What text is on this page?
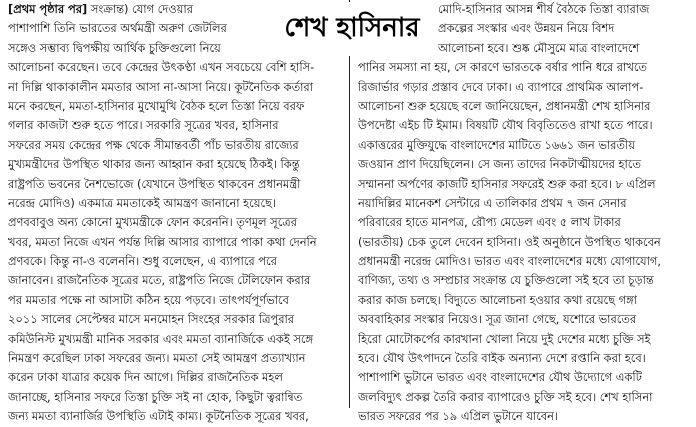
শেখ হাসিনার
[প্রথম পৃষ্ঠার পর] সংক্রান্ত) যোগ দেওয়ার
পাশাপাশি তিনি ভারতের অর্থমন্ত্রী অরুণ জেটলির
সঙ্গেও সম্ভাব্য দ্বিপক্ষীয় আর্থিক চুক্তিগুলো নিয়ে
আলোচনা করেছেন। তবে কেন্দ্রের উৎকণ্ঠা এখন সবচেয়ে বেশি হাসি-
না দিল্লি থাকাকালীন মমতার আসা না-আসা নিয়ে। কূটনৈতিক কর্তারা
মনে করছেন, মমতা-হাসিনার মুখোমুখি বৈঠক হলে তিস্তা নিয়ে বরফ
গলার কাজটা শুরু হতে পারে। সরকারি সূত্রের খবর, হাসিনার
সফরের সময় কেন্দ্রের পক্ষ থেকে সীমান্তবর্তী পাঁচ ভারতীয় রাজ্যের
মুখ্যমন্ত্রীদের উপস্থিত থাকার জন্য আহ্বান করা হয়েছে ঠিকই। কিন্তু
রাষ্ট্রপতি ভবনের নৈশভোজে (যেখানে উপস্থিত থাকবেন প্রধানমন্ত্রী
নরেন্দ্র মোদিও) একমাত্র মমতাকেই আমন্ত্রণ জানানো হয়েছে।
প্রণববাবুও অন্য কোনো মুখ্যমন্ত্রীকে ফোন করেননি। তৃণমূল সূত্রের
খবর, মমতা নিজে এখন পর্যন্ত দিল্লি আসার ব্যাপারে পাকা কথা দেননি
প্রণবকে। কিন্তু না-ও বলেননি। শুধু বলেছেন, এ ব্যাপারে পরে
জানাবেন। রাজনৈতিক সূত্রের মতে, রাষ্ট্রপতি নিজে টেলিফোন করার
পর মমতার পক্ষে না আসাটা কঠিন হয়ে পড়বে। তাৎপর্যপূর্ণভাবে
২০১১ সালের সেপ্টেম্বর মাসে মনমোহন সিংহের সরকার ত্রিপুরার
কমিউনিস্ট মুখ্যমন্ত্রী মানিক সরকার এবং মমতা ব্যানার্জিকে একই সঙ্গে
নিমন্ত্রণ করেছিল ঢাকা সফরের জন্য। মমতা সেই আমন্ত্রণ প্রত্যাখ্যান
করেন ঢাকা যাত্রার কয়েক দিন আগে। দিল্লির রাজনৈতিক মহল
জানাচ্ছে, হাসিনার সফরে তিস্তা চুক্তি সই না হোক, কিছুটা ত্বরান্বিত
জন্য মমতা ব্যানার্জির উপস্থিতি এটাই কাম্য। কূটনৈতিক সূত্রের খবর,
মোদি-হাসিনার আসন্ন শীর্ষ বৈঠকে তিস্তা ব্যারাজ
প্রকল্পের সংস্কার এবং উন্নয়ন নিয়ে বিশদ
আলোচনা হবে। শুষ্ক মৌসুমে মাত্র বাংলাদেশে
পানির সমস্যা না হয়, সে কারণে ভারতকে বর্ষার পানি ধরে রাখতে
রিজার্ভার গড়ার প্রস্তাব দেবে ঢাকা। এ ব্যাপারে প্রাথমিক আলাপ-
আলোচনা শুরু হয়েছে বলে জানিয়েছেন, প্রধানমন্ত্রী শেখ হাসিনার
উপদেষ্টা এইচ টি ইমাম। বিষয়টি যৌথ বিবৃতিতেও রাখা হতে পারে।
একাত্তরের মুক্তিযুদ্ধে বাংলাদেশের মাটিতে ১৬৬১ জন ভারতীয়
জওয়ান প্রাণ দিয়েছিলেন। সে জন্য তাদের নিকটাত্মীয়দের হাতে
সম্মাননা অর্পণের কাজটি হাসিনার সফরেই শুরু করা হবে। ৮ এপ্রিল
নয়াদিল্লির মানেকশ সেন্টারে এ তালিকার প্রথম ৭ জন সেনার
পরিবারের হাতে মানপত্র, রৌপ্য মেডেল এবং ৫ লাখ টাকার
(ভারতীয়) চেক তুলে দেবেন হাসিনা। ওই অনুষ্ঠানে উপস্থিত থাকবেন
প্রধানমন্ত্রী নরেন্দ্র মোদিও। ভারত এবং বাংলাদেশের মধ্যে যোগাযোগ,
বাণিজ্য, তথ্য ও সম্প্রচার সংক্রান্ত যে চুক্তিগুলো সই হবে তা চূড়ান্ত
করার কাজ চলছে। বিদ্যুতে আলোচনা হওয়ার কথা রয়েছে গঙ্গা
অববাহিকার সংস্কার নিয়েও। সূত্র জানা গেছে, যশোরে ভারতের
হিরো মোটোকর্পের কারখানা খোলা নিয়ে দুই দেশের মধ্যে চুক্তি সই
হবে। যৌথ উৎপাদনে তৈরি বাইক অন্যান্য দেশে রপ্তানি করা হবে।
পাশাপাশি ভুটানে ভারত এবং বাংলাদেশের যৌথ উদ্যোগে একটি
জলবিদ্যুৎ প্রকল্প তৈরি করার ব্যাপারেও চুক্তি সই হবে। শেখ হাসিনা
ভারত সফরের পর ১৯ এপ্রিল ভুটানে যাবেন।
